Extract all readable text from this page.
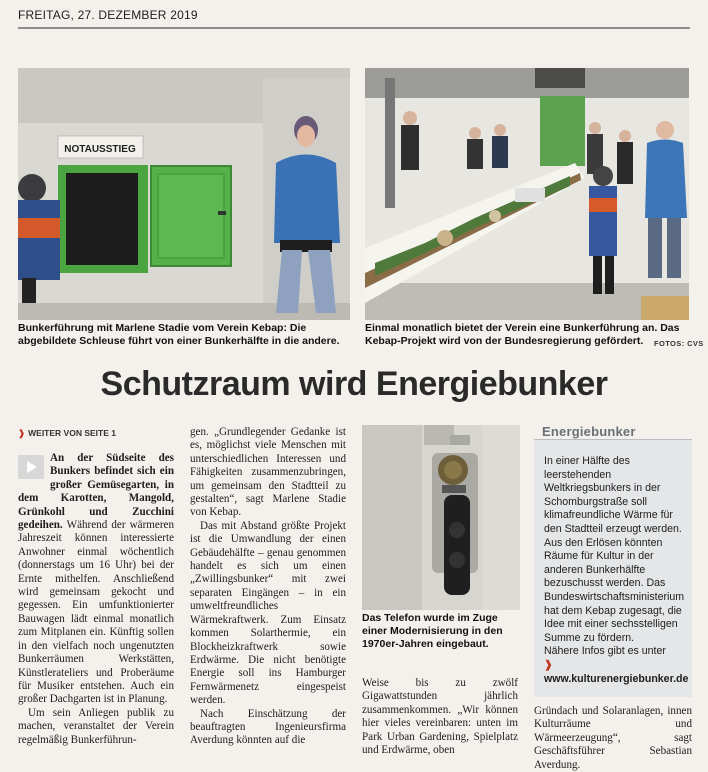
FREITAG, 27. DEZEMBER 2019
NOTAUSSTIEG
Bunkerführung mit Marlene Stadie vom Verein Kebap: Die abgebildete Schleuse führt von einer Bunkerhälfte in die andere.
Einmal monatlich bietet der Verein eine Bunkerführung an. Das Kebap-Projekt wird von der Bundesregierung gefördert.	FOTOS: CVS
Schutzraum wird Energiebunker
❱ WEITER VON SEITE 1

An der Südseite des Bunkers befindet sich ein großer Gemüsegarten, in dem Karotten, Mangold, Grünkohl und Zucchini gedeihen. Während der wärmeren Jahreszeit können interessierte Anwohner einmal wöchentlich (donnerstags um 16 Uhr) bei der Ernte mithelfen. Anschließend wird gemeinsam gekocht und gegessen. Ein umfunktionierter Bauwagen lädt einmal monatlich zum Mitplanen ein. Künftig sollen in den vielfach noch ungenutzten Bunkerräumen Werkstätten, Künstlerateliers und Proberäume für Musiker entstehen. Auch ein großer Dachgarten ist in Planung.

Um sein Anliegen publik zu machen, veranstaltet der Verein regelmäßig Bunkerführun-

gen. „Grundlegender Gedanke ist es, möglichst viele Menschen mit unterschiedlichen Interessen und Fähigkeiten zusammenzubringen, um gemeinsam den Stadtteil zu gestalten“, sagt Marlene Stadie von Kebap.

Das mit Abstand größte Projekt ist die Umwandlung der einen Gebäudehälfte – genau genommen handelt es sich um einen „Zwillingsbunker“ mit zwei separaten Eingängen – in ein umweltfreundliches Wärmekraftwerk. Zum Einsatz kommen Solarthermie, ein Blockheizkraftwerk sowie Erdwärme. Die nicht benötigte Energie soll ins Hamburger Fernwärmenetz eingespeist werden.

Nach Einschätzung der beauftragten Ingenieursfirma Averdung könnten auf die

Das Telefon wurde im Zuge einer Modernisierung in den 1970er-Jahren eingebaut.

Weise bis zu zwölf Gigawattstunden jährlich zusammenkommen. „Wir können hier vieles vereinbaren: unten im Park Urban Gardening, Spielplatz und Erdwärme, oben

Energiebunker
In einer Hälfte des leerstehenden Weltkriegsbunkers in der Schomburgstraße soll klimafreundliche Wärme für den Stadtteil erzeugt werden. Aus den Erlösen könnten Räume für Kultur in der anderen Bunkerhälfte bezuschusst werden. Das Bundeswirtschaftsministerium hat dem Kebap zugesagt, die Idee mit einer sechsstelligen Summe zu fördern.
Nähere Infos gibt es unter
❱ www.kulturenergiebunker.de

Gründach und Solaranlagen, innen Kulturräume und Wärmeerzeugung“, sagt Geschäftsführer Sebastian Averdung.
